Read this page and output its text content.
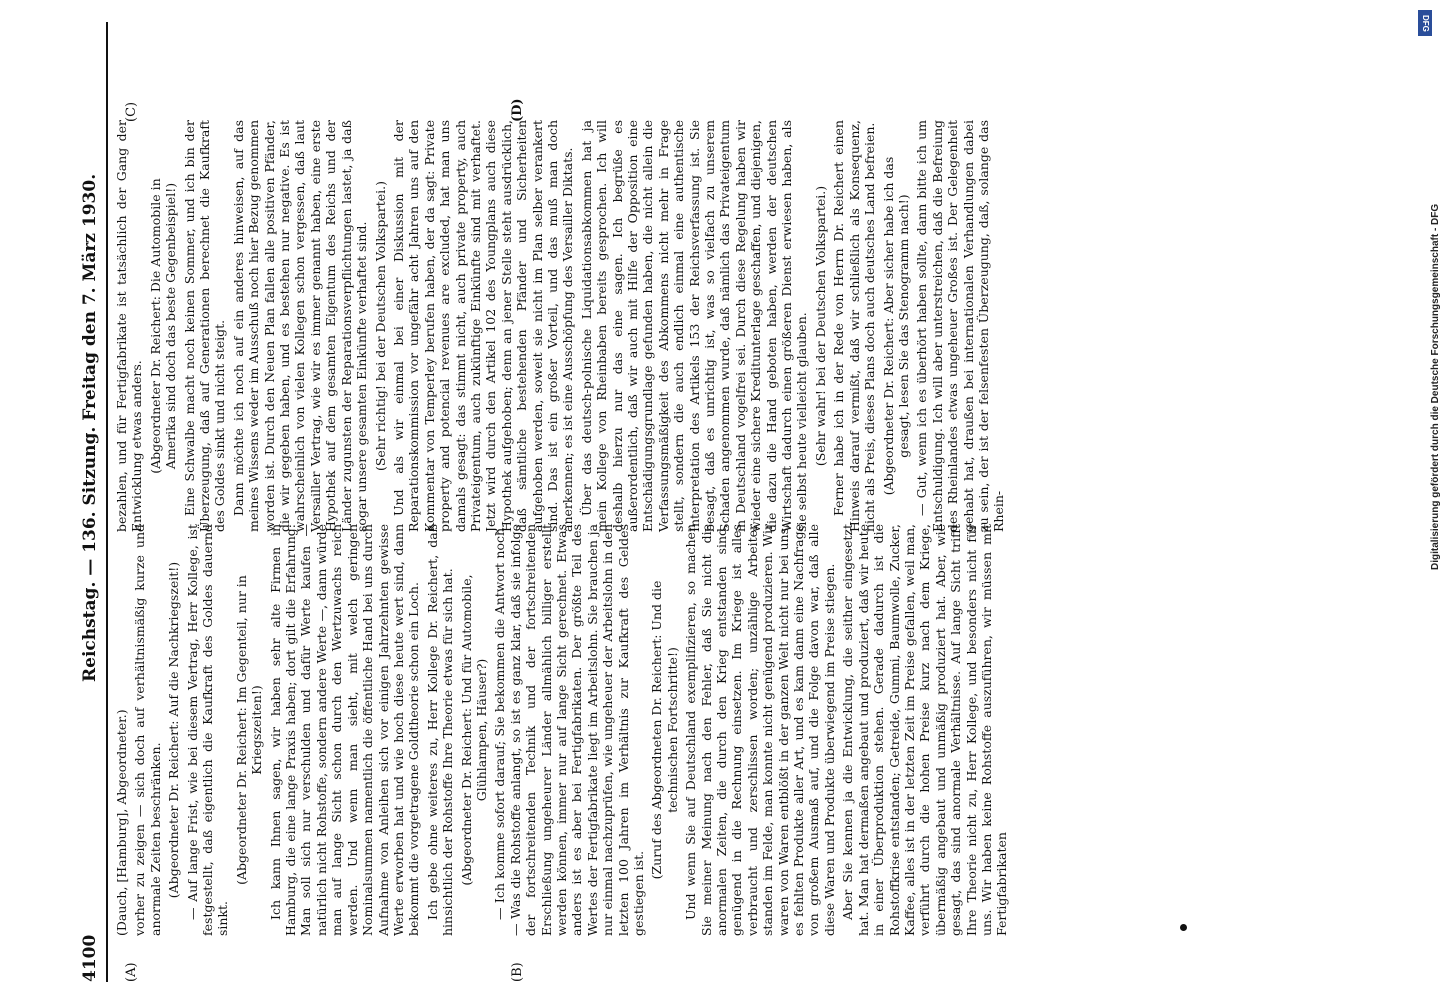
4100
Reichstag. — 136. Sitzung. Freitag den 7. März 1930.
(A)	(B)
(C)	(D)

(Dauch, [Hamburg], Abgeordneter.) vorher zu zeigen — sich doch auf verhältnismäßig kurze und anormale Zeiten beschränken. (Abgeordneter Dr. Reichert: Auf die Nachkriegszeit!) — Auf lange Frist, wie bei diesem Vertrag, Herr Kollege, ist festgestellt, daß eigentlich die Kaufkraft des Goldes dauernd sinkt.

(Abgeordneter Dr. Reichert: Im Gegenteil, nur in Kriegszeiten!) Ich kann Ihnen sagen, wir haben sehr alte Firmen in Hamburg, die eine lange Praxis haben; dort gilt die Erfahrung: Man soll sich nur verschulden und dafür Werte kaufen — natürlich nicht Rohstoffe, sondern andere Werte —, dann würde man auf lange Sicht schon durch den Wertzuwachs reich werden. Und wenn man sieht, mit welch geringen Nominalsummen namentlich die öffentliche Hand bei uns durch Aufnahme von Anleihen sich vor einigen Jahrzehnten gewisse Werte erworben hat und wie hoch diese heute wert sind, dann bekommt die vorgetragene Goldtheorie schon ein Loch. Ich gebe ohne weiteres zu, Herr Kollege Dr. Reichert, daß hinsichtlich der Rohstoffe Ihre Theorie etwas für sich hat. (Abgeordneter Dr. Reichert: Und für Automobile, Glühlampen, Häuser?) — Ich komme sofort darauf; Sie bekommen die Antwort noch. — Was die Rohstoffe anlangt, so ist es ganz klar, daß sie infolge der fortschreitenden Technik und der fortschreitenden Erschließung ungeheurer Länder allmählich billiger erstellt werden können, immer nur auf lange Sicht gerechnet. Etwas anders ist es aber bei Fertigfabrikaten. Der größte Teil des Wertes der Fertigfabrikate liegt im Arbeitslohn. Sie brauchen ja nur einmal nachzuprüfen, wie ungeheuer der Arbeitslohn in den letzten 100 Jahren im Verhältnis zur Kaufkraft des Geldes gestiegen ist.

(Zuruf des Abgeordneten Dr. Reichert: Und die technischen Fortschritte!) Und wenn Sie auf Deutschland exemplifizieren, so machen Sie meiner Meinung nach den Fehler, daß Sie nicht die anormalen Zeiten, die durch den Krieg entstanden sind, genügend in die Rechnung einsetzen. Im Kriege ist alles verbraucht und zerschlissen worden; unzählige Arbeiter standen im Felde, man konnte nicht genügend produzieren. Wir waren von Waren entblößt in der ganzen Welt nicht nur bei uns, es fehlten Produkte aller Art, und es kam dann eine Nachfrage von großem Ausmaß auf, und die Folge davon war, daß alle diese Waren und Produkte überwiegend im Preise stiegen. Aber Sie kennen ja die Entwicklung, die seither eingesetzt hat. Man hat dermaßen angebaut und produziert, daß wir heute in einer Überproduktion stehen. Gerade dadurch ist die Rohstoffkrise entstanden; Getreide, Gummi, Baumwolle, Zucker, Kaffee, alles ist in der letzten Zeit im Preise gefallen, weil man, verführt durch die hohen Preise kurz nach dem Kriege, übermäßig angebaut und unmäßig produziert hat. Aber, wie gesagt, das sind anormale Verhältnisse. Auf lange Sicht trifft Ihre Theorie nicht zu, Herr Kollege, und besonders nicht für uns. Wir haben keine Rohstoffe auszuführen, wir müssen mit Fertigfabrikaten

bezahlen, und für Fertigfabrikate ist tatsächlich der Gang der Entwicklung etwas anders. (Abgeordneter Dr. Reichert: Die Automobile in Amerika sind doch das beste Gegenbeispiel!) Eine Schwalbe macht noch keinen Sommer, und ich bin der Überzeugung, daß auf Generationen berechnet die Kaufkraft des Goldes sinkt und nicht steigt. Dann möchte ich noch auf ein anderes hinweisen, auf das meines Wissens weder im Ausschuß noch hier Bezug genommen worden ist. Durch den Neuen Plan fallen alle positiven Pfänder, die wir gegeben haben, und es bestehen nur negative. Es ist wahrscheinlich von vielen Kollegen schon vergessen, daß laut Versailler Vertrag, wie wir es immer genannt haben, eine erste Hypothek auf dem gesamten Eigentum des Reichs und der Länder zugunsten der Reparationsverpflichtungen lastet, ja daß sogar unsere gesamten Einkünfte verhaftet sind. (Sehr richtig! bei der Deutschen Volkspartei.) Und als wir einmal bei einer Diskussion mit der Reparationskommission vor ungefähr acht Jahren uns auf den Kommentar von Temperley berufen haben, der da sagt: Private property and potencial revenues are excluded, hat man uns damals gesagt: das stimmt nicht, auch private property, auch Privateigentum, auch zukünftige Einkünfte sind mit verhaftet. Jetzt wird durch den Artikel 102 des Youngplans auch diese Hypothek aufgehoben; denn an jener Stelle steht ausdrücklich, daß sämtliche bestehenden Pfänder und Sicherheiten aufgehoben werden, soweit sie nicht im Plan selber verankert sind. Das ist ein großer Vorteil, und das muß man doch anerkennen; es ist eine Ausschöpfung des Versailler Diktats. Über das deutsch-polnische Liquidationsabkommen hat ja mein Kollege von Rheinbaben bereits gesprochen. Ich will deshalb hierzu nur das eine sagen. Ich begrüße es außerordentlich, daß wir auch mit Hilfe der Opposition eine Entschädigungsgrundlage gefunden haben, die nicht allein die Verfassungsmäßigkeit des Abkommens nicht mehr in Frage stellt, sondern die auch endlich einmal eine authentische Interpretation des Artikels 153 der Reichsverfassung ist. Sie besagt, daß es unrichtig ist, was so vielfach zu unserem Schaden angenommen wurde, daß nämlich das Privateigentum in Deutschland vogelfrei sei. Durch diese Regelung haben wir wieder eine sichere Kreditunterlage geschaffen, und diejenigen, die dazu die Hand geboten haben, werden der deutschen Wirtschaft dadurch einen größeren Dienst erwiesen haben, als sie selbst heute vielleicht glauben. (Sehr wahr! bei der Deutschen Volkspartei.) Ferner habe ich in der Rede von Herrn Dr. Reichert einen Hinweis darauf vermißt, daß wir schließlich als Konsequenz, nicht als Preis, dieses Plans doch auch deutsches Land befreien. (Abgeordneter Dr. Reichert: Aber sicher habe ich das gesagt, lesen Sie das Stenogramm nach!) — Gut, wenn ich es überhört haben sollte, dann bitte ich um Entschuldigung. Ich will aber unterstreichen, daß die Befreiung des Rheinlandes etwas ungeheuer Großes ist. Der Gelegenheit gehabt hat, draußen bei internationalen Verhandlungen dabei zu sein, der ist der felsenfesten Überzeugung, daß, solange das Rhein-

DFG
Digitalisierung gefördert durch die Deutsche Forschungsgemeinschaft - DFG
